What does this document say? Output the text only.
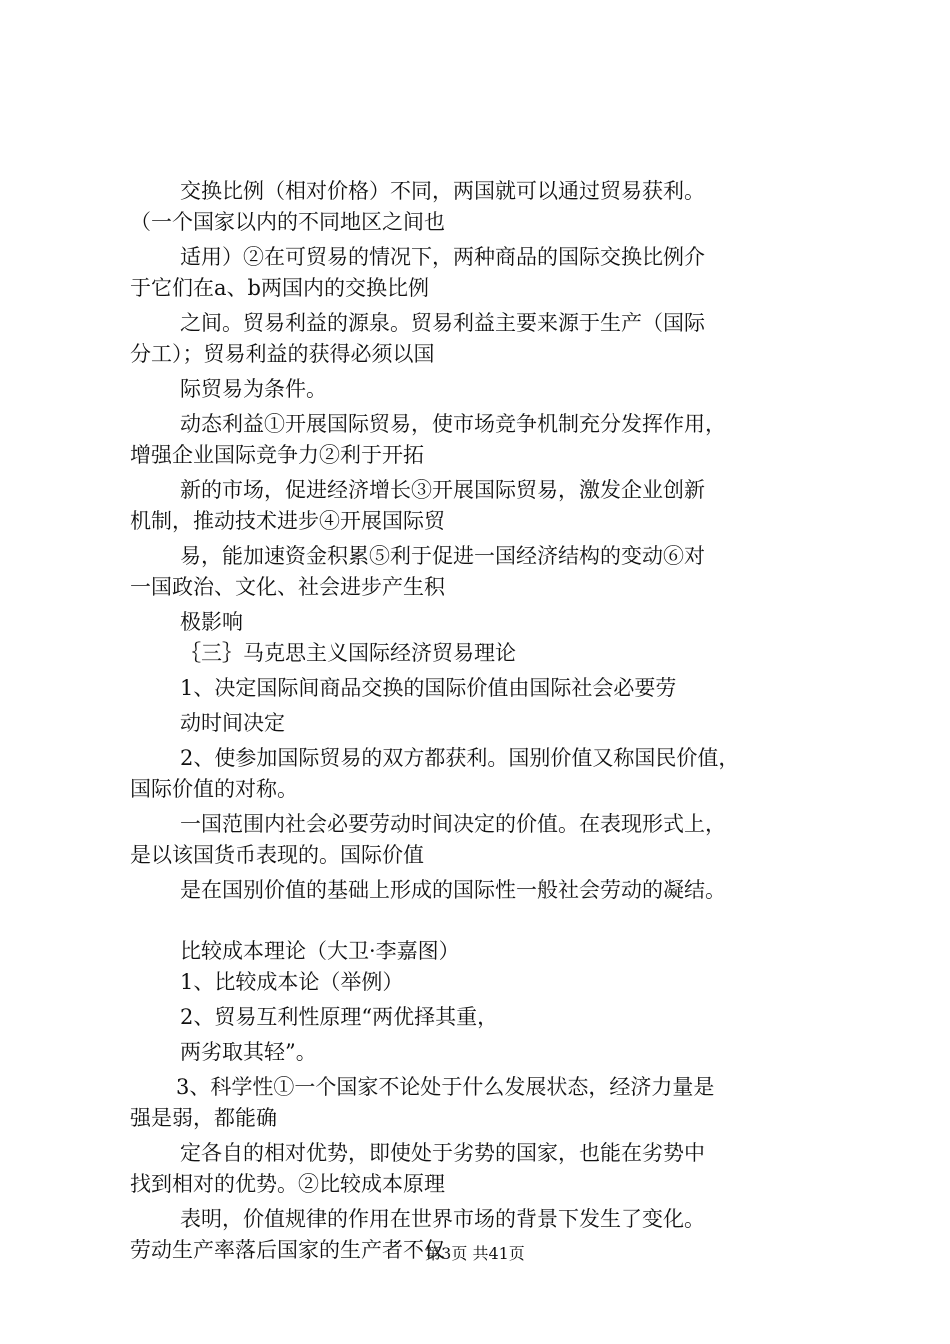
交换比例（相对价格）不同，两国就可以通过贸易获利。
（一个国家以内的不同地区之间也
适用）②在可贸易的情况下，两种商品的国际交换比例介
于它们在a、b两国内的交换比例
之间。贸易利益的源泉。贸易利益主要来源于生产（国际
分工）；贸易利益的获得必须以国
际贸易为条件。
动态利益①开展国际贸易，使市场竞争机制充分发挥作用，
增强企业国际竞争力②利于开拓
新的市场，促进经济增长③开展国际贸易，激发企业创新
机制，推动技术进步④开展国际贸
易，能加速资金积累⑤利于促进一国经济结构的变动⑥对
一国政治、文化、社会进步产生积
极影响
｛三｝马克思主义国际经济贸易理论
1、决定国际间商品交换的国际价值由国际社会必要劳
动时间决定
2、使参加国际贸易的双方都获利。国别价值又称国民价值，
国际价值的对称。
一国范围内社会必要劳动时间决定的价值。在表现形式上，
是以该国货币表现的。国际价值
是在国别价值的基础上形成的国际性一般社会劳动的凝结。
比较成本理论（大卫·李嘉图）
1、比较成本论（举例）
2、贸易互利性原理“两优择其重，
两劣取其轻”。
3、科学性①一个国家不论处于什么发展状态，经济力量是
强是弱，都能确
定各自的相对优势，即使处于劣势的国家，也能在劣势中
找到相对的优势。②比较成本原理
表明，价值规律的作用在世界市场的背景下发生了变化。
劳动生产率落后国家的生产者不仅
第3页 共41页
